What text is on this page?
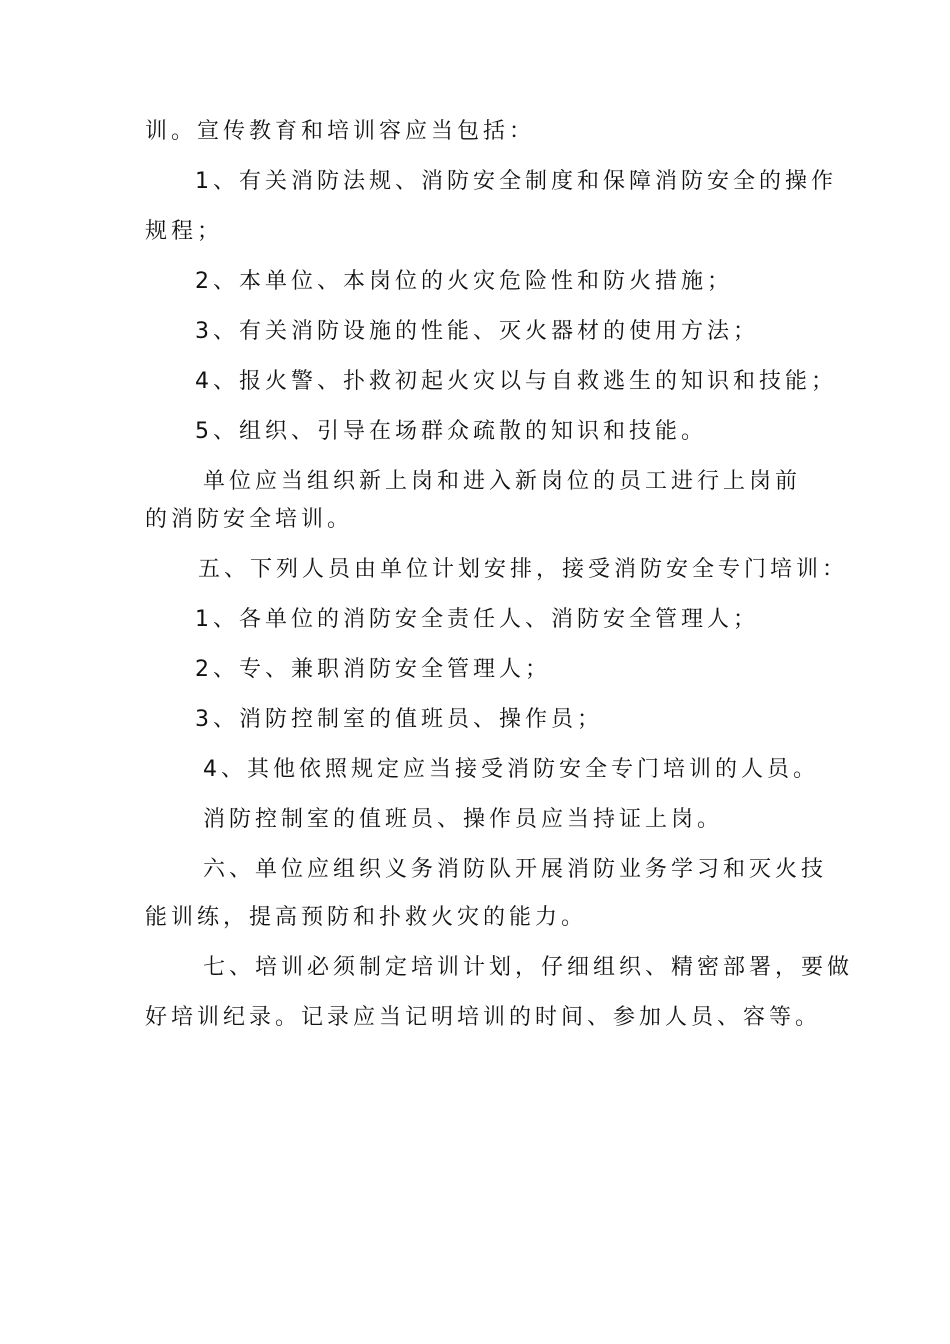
训。宣传教育和培训容应当包括：
1、有关消防法规、消防安全制度和保障消防安全的操作
规程；
2、本单位、本岗位的火灾危险性和防火措施；
3、有关消防设施的性能、灭火器材的使用方法；
4、报火警、扑救初起火灾以与自救逃生的知识和技能；
5、组织、引导在场群众疏散的知识和技能。
单位应当组织新上岗和进入新岗位的员工进行上岗前
的消防安全培训。
五、下列人员由单位计划安排，接受消防安全专门培训：
1、各单位的消防安全责任人、消防安全管理人；
2、专、兼职消防安全管理人；
3、消防控制室的值班员、操作员；
4、其他依照规定应当接受消防安全专门培训的人员。
消防控制室的值班员、操作员应当持证上岗。
六、单位应组织义务消防队开展消防业务学习和灭火技
能训练，提高预防和扑救火灾的能力。
七、培训必须制定培训计划，仔细组织、精密部署，要做
好培训纪录。记录应当记明培训的时间、参加人员、容等。
